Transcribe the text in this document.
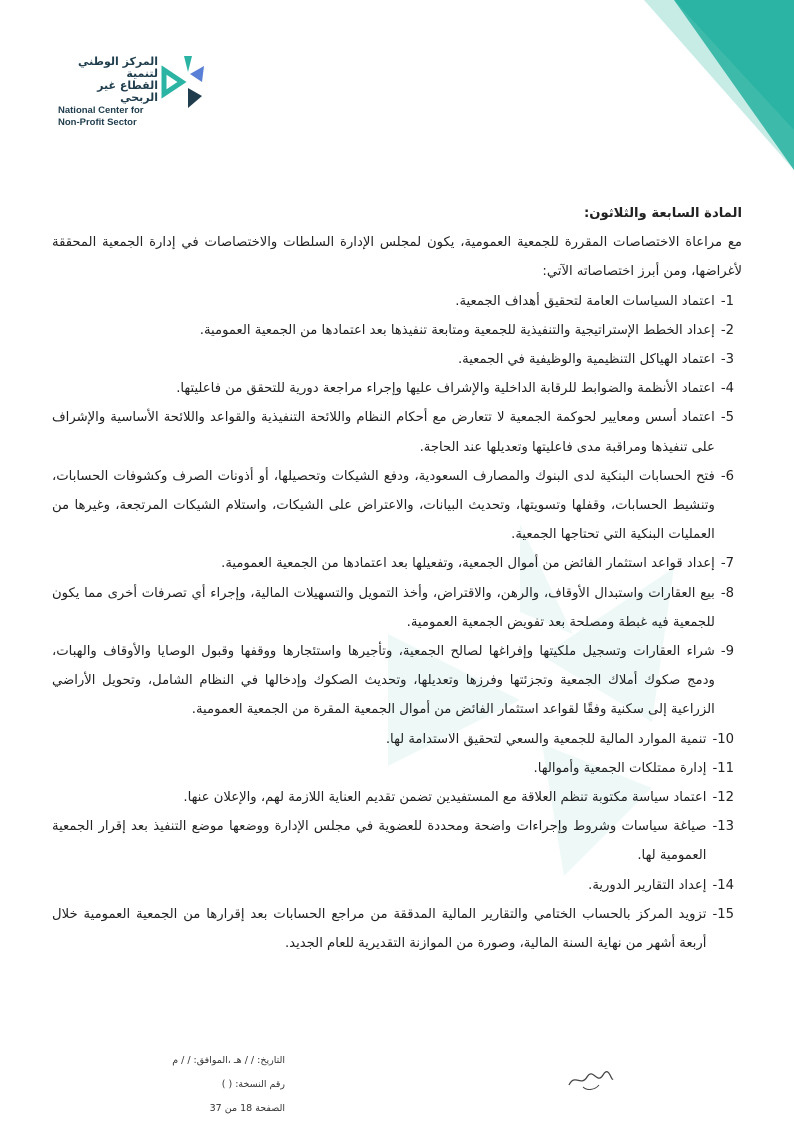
المركز الوطني لتنمية
القطاع غير الربحي
National Center for
Non-Profit Sector

المادة السابعة والثلاثون:

مع مراعاة الاختصاصات المقررة للجمعية العمومية، يكون لمجلس الإدارة السلطات والاختصاصات في إدارة الجمعية المحققة لأغراضها، ومن أبرز اختصاصاته الآتي:

1-
اعتماد السياسات العامة لتحقيق أهداف الجمعية.
2-
إعداد الخطط الإستراتيجية والتنفيذية للجمعية ومتابعة تنفيذها بعد اعتمادها من الجمعية العمومية.
3-
اعتماد الهياكل التنظيمية والوظيفية في الجمعية.
4-
اعتماد الأنظمة والضوابط للرقابة الداخلية والإشراف عليها وإجراء مراجعة دورية للتحقق من فاعليتها.
5-
اعتماد أسس ومعايير لحوكمة الجمعية لا تتعارض مع أحكام النظام واللائحة التنفيذية والقواعد واللائحة الأساسية والإشراف على تنفيذها ومراقبة مدى فاعليتها وتعديلها عند الحاجة.
6-
فتح الحسابات البنكية لدى البنوك والمصارف السعودية، ودفع الشيكات وتحصيلها، أو أذونات الصرف وكشوفات الحسابات، وتنشيط الحسابات، وقفلها وتسويتها، وتحديث البيانات، والاعتراض على الشيكات، واستلام الشيكات المرتجعة، وغيرها من العمليات البنكية التي تحتاجها الجمعية.
7-
إعداد قواعد استثمار الفائض من أموال الجمعية، وتفعيلها بعد اعتمادها من الجمعية العمومية.
8-
بيع العقارات واستبدال الأوقاف، والرهن، والاقتراض، وأخذ التمويل والتسهيلات المالية، وإجراء أي تصرفات أخرى مما يكون للجمعية فيه غبطة ومصلحة بعد تفويض الجمعية العمومية.
9-
شراء العقارات وتسجيل ملكيتها وإفراغها لصالح الجمعية، وتأجيرها واستئجارها ووقفها وقبول الوصايا والأوقاف والهبات، ودمج صكوك أملاك الجمعية وتجزئتها وفرزها وتعديلها، وتحديث الصكوك وإدخالها في النظام الشامل، وتحويل الأراضي الزراعية إلى سكنية وفقًا لقواعد استثمار الفائض من أموال الجمعية المقرة من الجمعية العمومية.
10-
تنمية الموارد المالية للجمعية والسعي لتحقيق الاستدامة لها.
11-
إدارة ممتلكات الجمعية وأموالها.
12-
اعتماد سياسة مكتوبة تنظم العلاقة مع المستفيدين تضمن تقديم العناية اللازمة لهم، والإعلان عنها.
13-
صياغة سياسات وشروط وإجراءات واضحة ومحددة للعضوية في مجلس الإدارة ووضعها موضع التنفيذ بعد إقرار الجمعية العمومية لها.
14-
إعداد التقارير الدورية.
15-
تزويد المركز بالحساب الختامي والتقارير المالية المدققة من مراجع الحسابات بعد إقرارها من الجمعية العمومية خلال أربعة أشهر من نهاية السنة المالية، وصورة من الموازنة التقديرية للعام الجديد.
التاريخ: / / هـ ،الموافق: / / م
رقم النسخة: ( )
الصفحة 18 من 37
